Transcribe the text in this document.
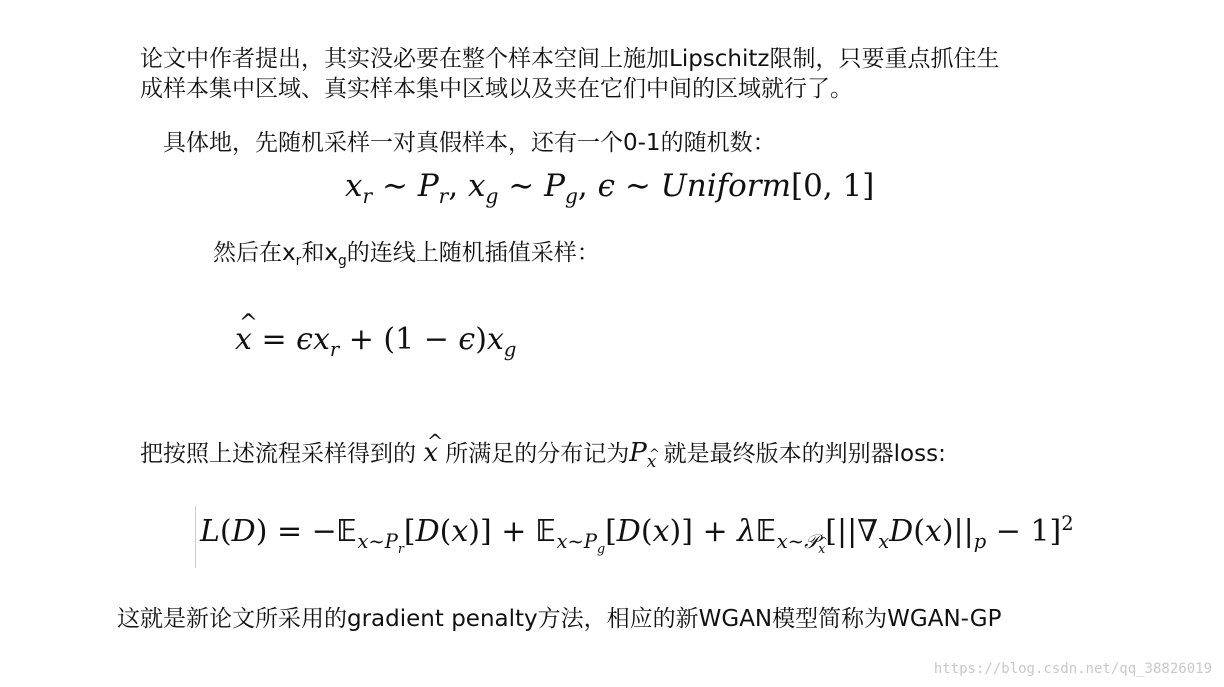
论文中作者提出，其实没必要在整个样本空间上施加Lipschitz限制，只要重点抓住生
成样本集中区域、真实样本集中区域以及夹在它们中间的区域就行了。
具体地，先随机采样一对真假样本，还有一个0-1的随机数：
$x_r$ ∼ $P_r$, $x_g$ ∼ $P_g$, ϵ ∼ Uniform[0, 1]
然后在$x_r$和$x_g$的连线上随机插值采样：
^ $x = \epsilon x_r + (1 - \epsilon)x_g$
把按照上述流程采样得到的 ^ x 所满足的分布记为P^ $_x$ 就是最终版本的判别器loss:
L(D) = −𝔼$_{x\sim P_r}$[D(x)] + 𝔼$_{x\sim P_g}$[D(x)] + $\lambda 𝔼_{x\sim 𝒫\^{} _x}[||\nabla_xD(x)||_p - 1]^2$
这就是新论文所采用的gradient penalty方法，相应的新WGAN模型简称为WGAN-GP
https://blog.csdn.net/qq_38826019
